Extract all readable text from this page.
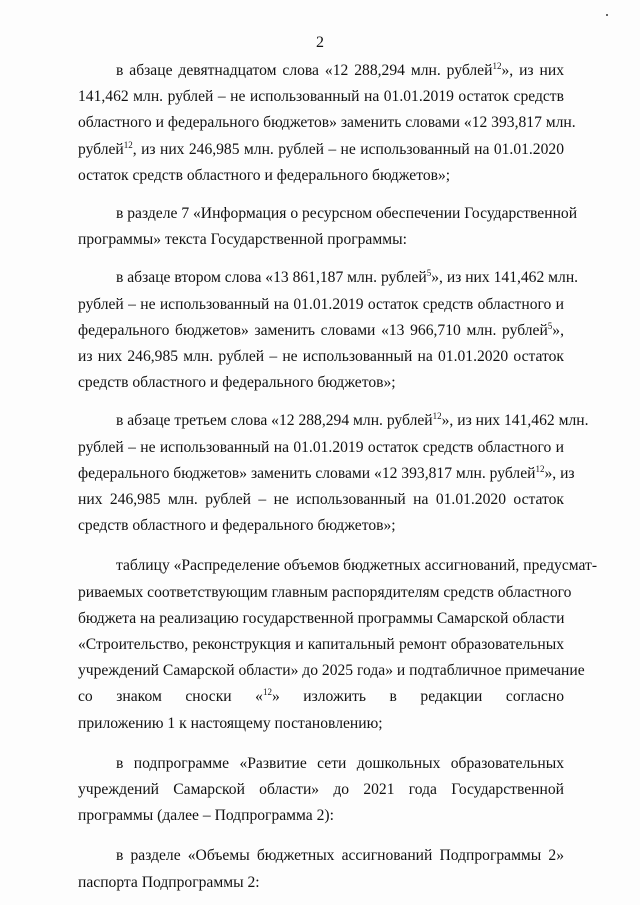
2
в абзаце девятнадцатом слова «12 288,294 млн. рублей$^{12}$», из них
141,462 млн. рублей – не использованный на 01.01.2019 остаток средств
областного и федерального бюджетов» заменить словами «12 393,817 млн.
рублей$^{12}$, из них 246,985 млн. рублей – не использованный на 01.01.2020
остаток средств областного и федерального бюджетов»;
в разделе 7 «Информация о ресурсном обеспечении Государственной
программы» текста Государственной программы:
в абзаце втором слова «13 861,187 млн. рублей$^5$», из них 141,462 млн.
рублей – не использованный на 01.01.2019 остаток средств областного и
федерального бюджетов» заменить словами «13 966,710 млн. рублей$^5$»,
из них 246,985 млн. рублей – не использованный на 01.01.2020 остаток
средств областного и федерального бюджетов»;
в абзаце третьем слова «12 288,294 млн. рублей$^{12}$», из них 141,462 млн.
рублей – не использованный на 01.01.2019 остаток средств областного и
федерального бюджетов» заменить словами «12 393,817 млн. рублей$^{12}$», из
них 246,985 млн. рублей – не использованный на 01.01.2020 остаток
средств областного и федерального бюджетов»;
таблицу «Распределение объемов бюджетных ассигнований, предусмат-
риваемых соответствующим главным распорядителям средств областного
бюджета на реализацию государственной программы Самарской области
«Строительство, реконструкция и капитальный ремонт образовательных
учреждений Самарской области» до 2025 года» и подтабличное примечание
со знаком сноски «$^{12}$» изложить в редакции согласно
приложению 1 к настоящему постановлению;
в подпрограмме «Развитие сети дошкольных образовательных
учреждений Самарской области» до 2021 года Государственной
программы (далее – Подпрограмма 2):
в разделе «Объемы бюджетных ассигнований Подпрограммы 2»
паспорта Подпрограммы 2:
